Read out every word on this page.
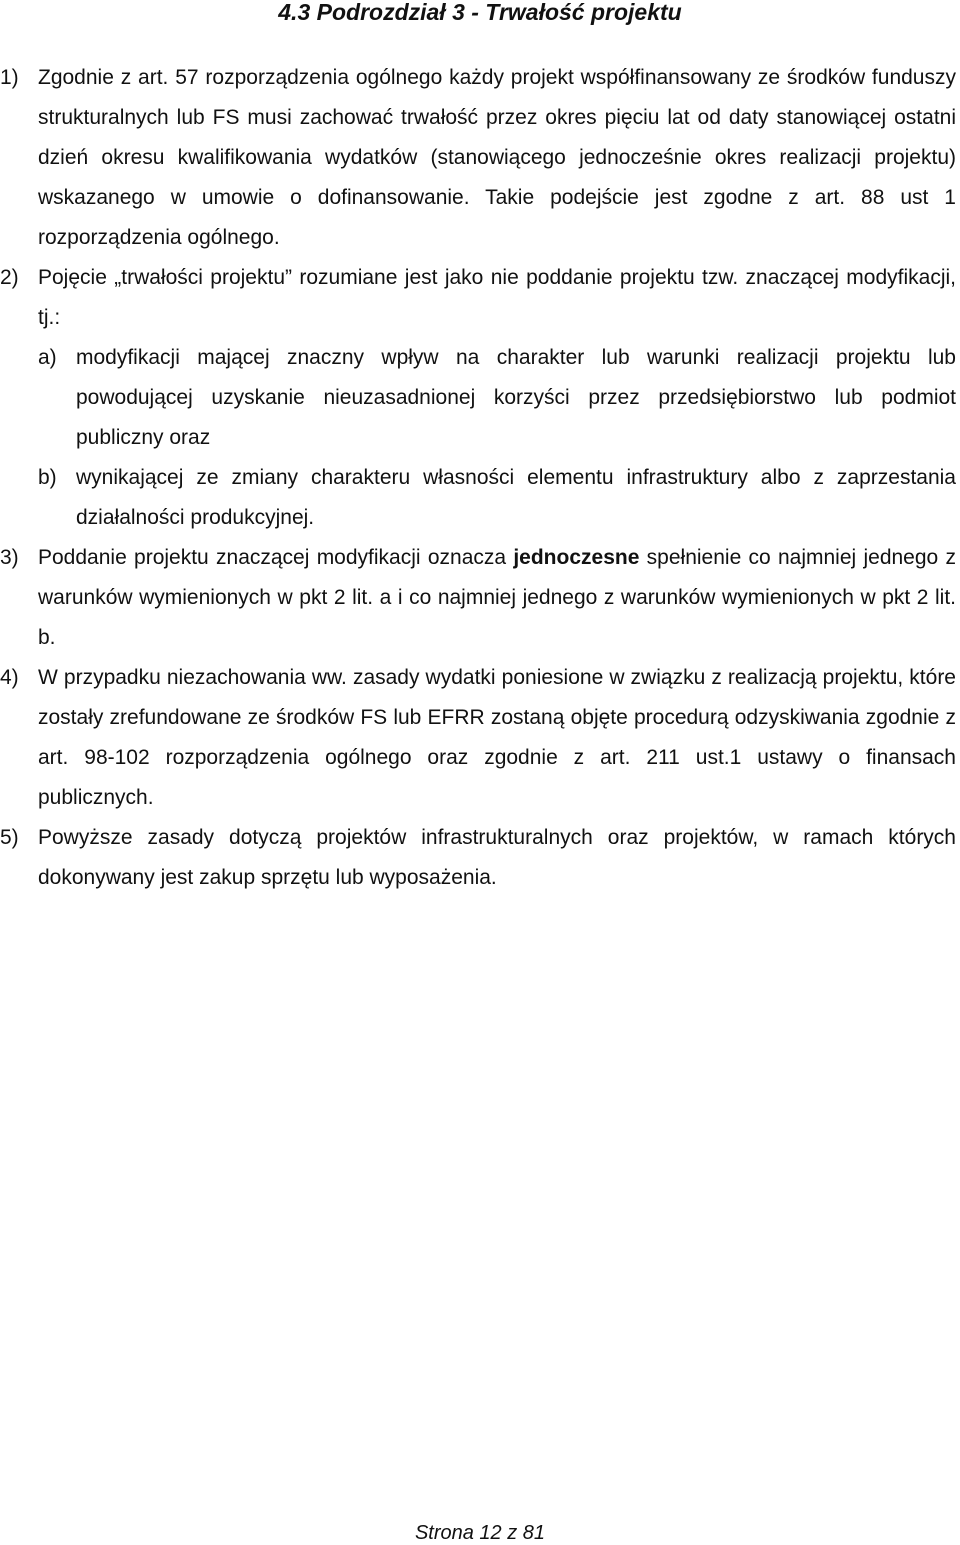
4.3 Podrozdział 3 - Trwałość projektu
1) Zgodnie z art. 57 rozporządzenia ogólnego każdy projekt współfinansowany ze środków funduszy strukturalnych lub FS musi zachować trwałość przez okres pięciu lat od daty stanowiącej ostatni dzień okresu kwalifikowania wydatków (stanowiącego jednocześnie okres realizacji projektu) wskazanego w umowie o dofinansowanie. Takie podejście jest zgodne z art. 88 ust 1 rozporządzenia ogólnego.
2) Pojęcie „trwałości projektu” rozumiane jest jako nie poddanie projektu tzw. znaczącej modyfikacji, tj.:
a) modyfikacji mającej znaczny wpływ na charakter lub warunki realizacji projektu lub powodującej uzyskanie nieuzasadnionej korzyści przez przedsiębiorstwo lub podmiot publiczny oraz
b) wynikającej ze zmiany charakteru własności elementu infrastruktury albo z zaprzestania działalności produkcyjnej.
3) Poddanie projektu znaczącej modyfikacji oznacza jednoczesne spełnienie co najmniej jednego z warunków wymienionych w pkt 2 lit. a i co najmniej jednego z warunków wymienionych w pkt 2 lit. b.
4) W przypadku niezachowania ww. zasady wydatki poniesione w związku z realizacją projektu, które zostały zrefundowane ze środków FS lub EFRR zostaną objęte procedurą odzyskiwania zgodnie z art. 98-102 rozporządzenia ogólnego oraz zgodnie z art. 211 ust.1 ustawy o finansach publicznych.
5) Powyższe zasady dotyczą projektów infrastrukturalnych oraz projektów, w ramach których dokonywany jest zakup sprzętu lub wyposażenia.
Strona 12 z 81
